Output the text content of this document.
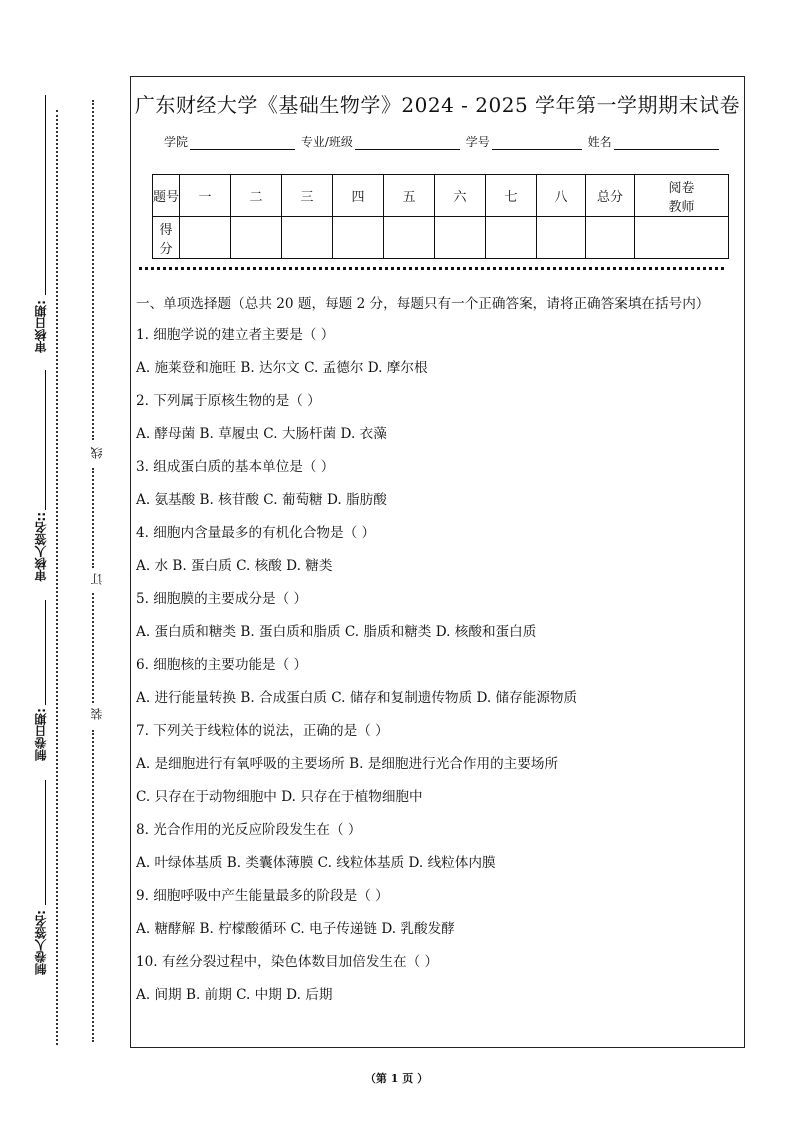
审核日期:
审核人签名::
制卷日期:
制卷人签名:
线
订
装
广东财经大学《基础生物学》2024 - 2025 学年第一学期期末试卷
学院	专业/班级	学号	姓名
题号	一	二	三	四	五	六	七	八	总分	阅卷教师
得分										

一、单项选择题（总共 20 题，每题 2 分，每题只有一个正确答案，请将正确答案填在括号内）

1. 细胞学说的建立者主要是（ ）

A. 施莱登和施旺 B. 达尔文 C. 孟德尔 D. 摩尔根

2. 下列属于原核生物的是（ ）

A. 酵母菌 B. 草履虫 C. 大肠杆菌 D. 衣藻

3. 组成蛋白质的基本单位是（ ）

A. 氨基酸 B. 核苷酸 C. 葡萄糖 D. 脂肪酸

4. 细胞内含量最多的有机化合物是（ ）

A. 水 B. 蛋白质 C. 核酸 D. 糖类

5. 细胞膜的主要成分是（ ）

A. 蛋白质和糖类 B. 蛋白质和脂质 C. 脂质和糖类 D. 核酸和蛋白质

6. 细胞核的主要功能是（ ）

A. 进行能量转换 B. 合成蛋白质 C. 储存和复制遗传物质 D. 储存能源物质

7. 下列关于线粒体的说法，正确的是（ ）

A. 是细胞进行有氧呼吸的主要场所 B. 是细胞进行光合作用的主要场所

C. 只存在于动物细胞中 D. 只存在于植物细胞中

8. 光合作用的光反应阶段发生在（ ）

A. 叶绿体基质 B. 类囊体薄膜 C. 线粒体基质 D. 线粒体内膜

9. 细胞呼吸中产生能量最多的阶段是（ ）

A. 糖酵解 B. 柠檬酸循环 C. 电子传递链 D. 乳酸发酵

10. 有丝分裂过程中，染色体数目加倍发生在（ ）

A. 间期 B. 前期 C. 中期 D. 后期

（第 1 页 ）
